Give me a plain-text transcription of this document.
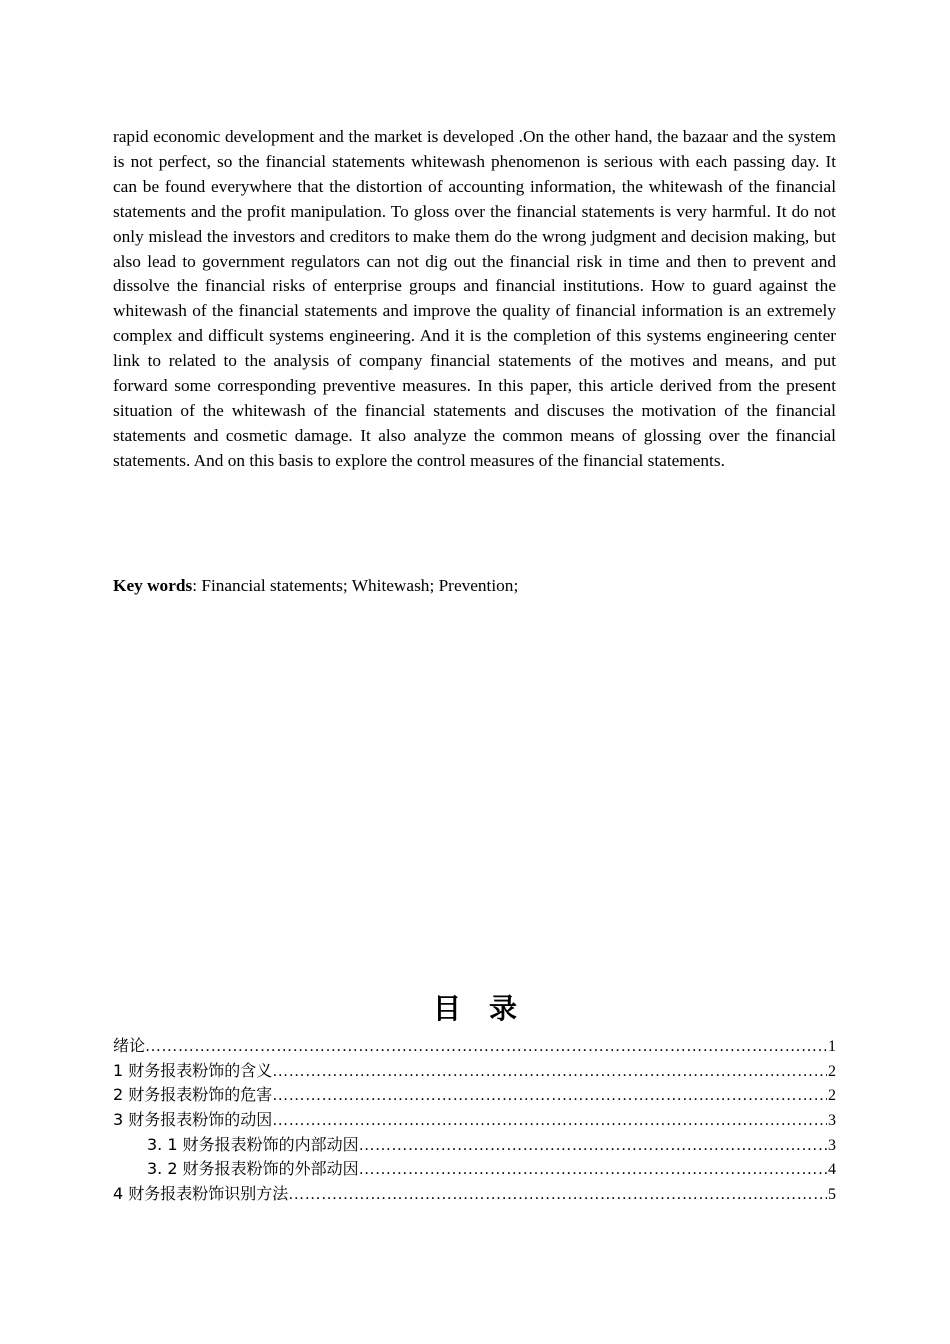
rapid economic development and the market is developed .On the other hand, the bazaar and the system is not perfect, so the financial statements whitewash phenomenon is serious with each passing day. It can be found everywhere that the distortion of accounting information, the whitewash of the financial statements and the profit manipulation. To gloss over the financial statements is very harmful. It do not only mislead the investors and creditors to make them do the wrong judgment and decision making, but also lead to government regulators can not dig out the financial risk in time and then to prevent and dissolve the financial risks of enterprise groups and financial institutions. How to guard against the whitewash of the financial statements and improve the quality of financial information is an extremely complex and difficult systems engineering. And it is the completion of this systems engineering center link to related to the analysis of company financial statements of the motives and means, and put forward some corresponding preventive measures. In this paper, this article derived from the present situation of the whitewash of the financial statements and discuses the motivation of the financial statements and cosmetic damage. It also analyze the common means of glossing over the financial statements. And on this basis to explore the control measures of the financial statements.

Key words: Financial statements; Whitewash; Prevention;

目录
绪论 ……………………………………………………………………………………………………………………………………………………………………………	1
1 财务报表粉饰的含义 ……………………………………………………………………………………………………………………………………………………………………………	2
2 财务报表粉饰的危害 ……………………………………………………………………………………………………………………………………………………………………………	2
3 财务报表粉饰的动因 ……………………………………………………………………………………………………………………………………………………………………………	3
3. 1 财务报表粉饰的内部动因 ……………………………………………………………………………………………………………………………………………………………………………	3
3. 2 财务报表粉饰的外部动因 ……………………………………………………………………………………………………………………………………………………………………………	4
4 财务报表粉饰识别方法 ……………………………………………………………………………………………………………………………………………………………………………	5
